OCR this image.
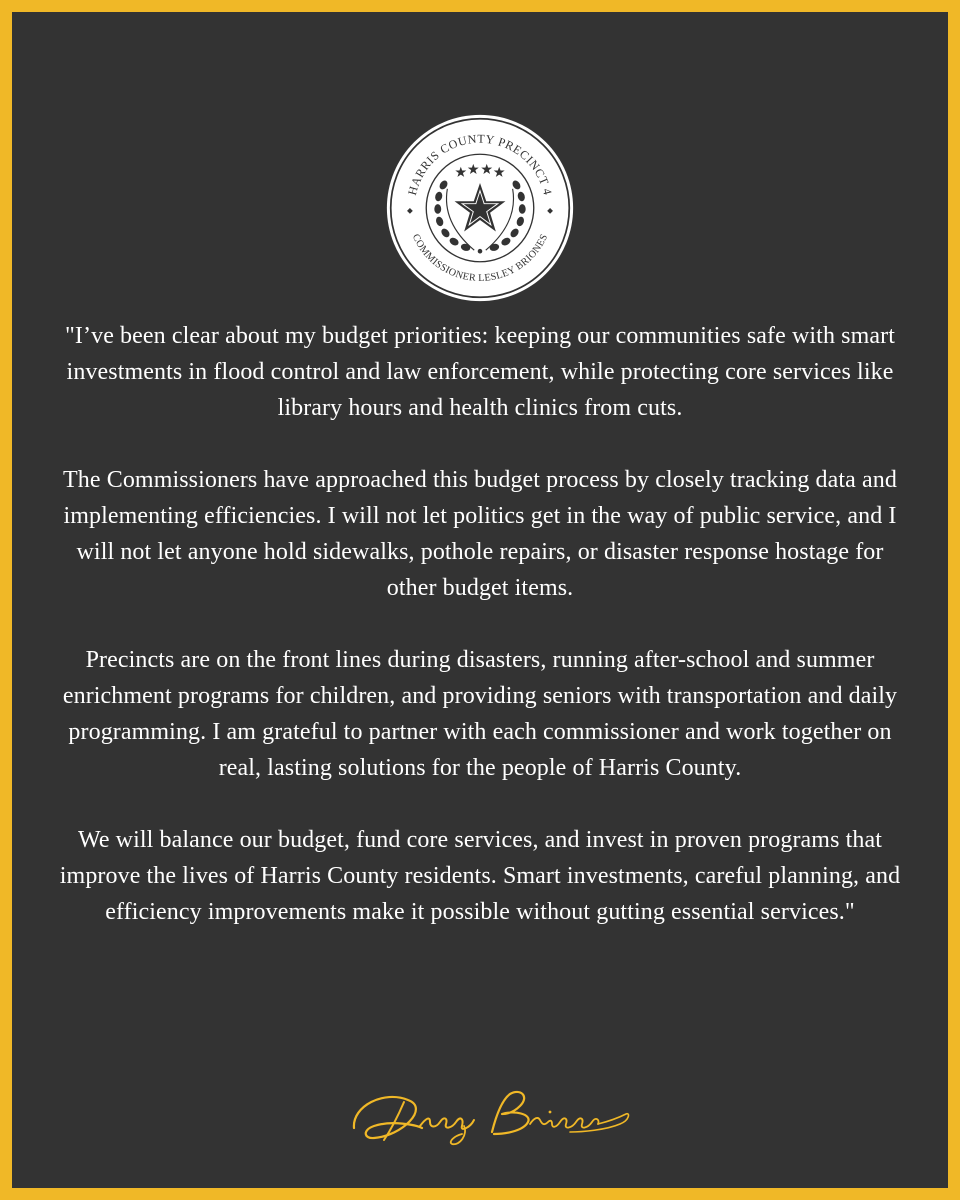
HARRIS COUNTY PRECINCT 4
COMMISSIONER LESLEY BRIONES

"I’ve been clear about my budget priorities: keeping our communities safe with smart investments in flood control and law enforcement, while protecting core services like library hours and health clinics from cuts.

The Commissioners have approached this budget process by closely tracking data and implementing efficiencies. I will not let politics get in the way of public service, and I will not let anyone hold sidewalks, pothole repairs, or disaster response hostage for other budget items.

Precincts are on the front lines during disasters, running after-school and summer enrichment programs for children, and providing seniors with transportation and daily programming. I am grateful to partner with each commissioner and work together on real, lasting solutions for the people of Harris County.

We will balance our budget, fund core services, and invest in proven programs that improve the lives of Harris County residents. Smart investments, careful planning, and efficiency improvements make it possible without gutting essential services."
